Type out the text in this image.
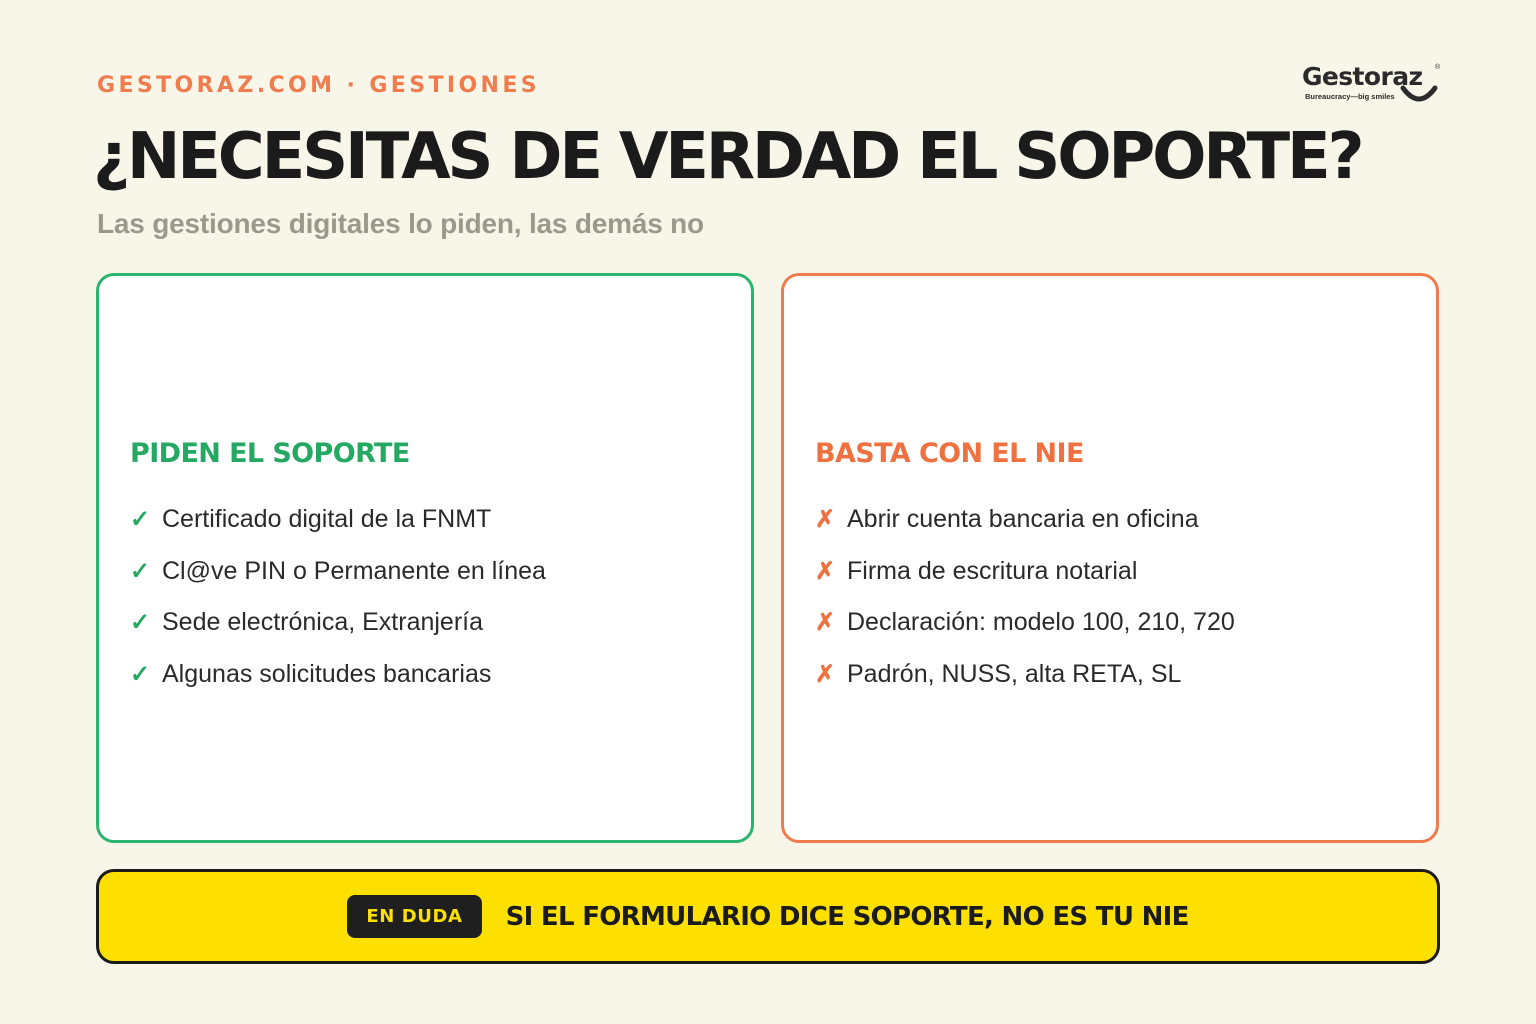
GESTORAZ.COM · GESTIONES	Gestoraz ®
Bureaucracy—big smiles
¿NECESITAS DE VERDAD EL SOPORTE?
Las gestiones digitales lo piden, las demás no
PIDEN EL SOPORTE
✓ Certificado digital de la FNMT
✓ Cl@ve PIN o Permanente en línea
✓ Sede electrónica, Extranjería
✓ Algunas solicitudes bancarias
BASTA CON EL NIE
✗ Abrir cuenta bancaria en oficina
✗ Firma de escritura notarial
✗ Declaración: modelo 100, 210, 720
✗ Padrón, NUSS, alta RETA, SL
EN DUDA	SI EL FORMULARIO DICE SOPORTE, NO ES TU NIE
